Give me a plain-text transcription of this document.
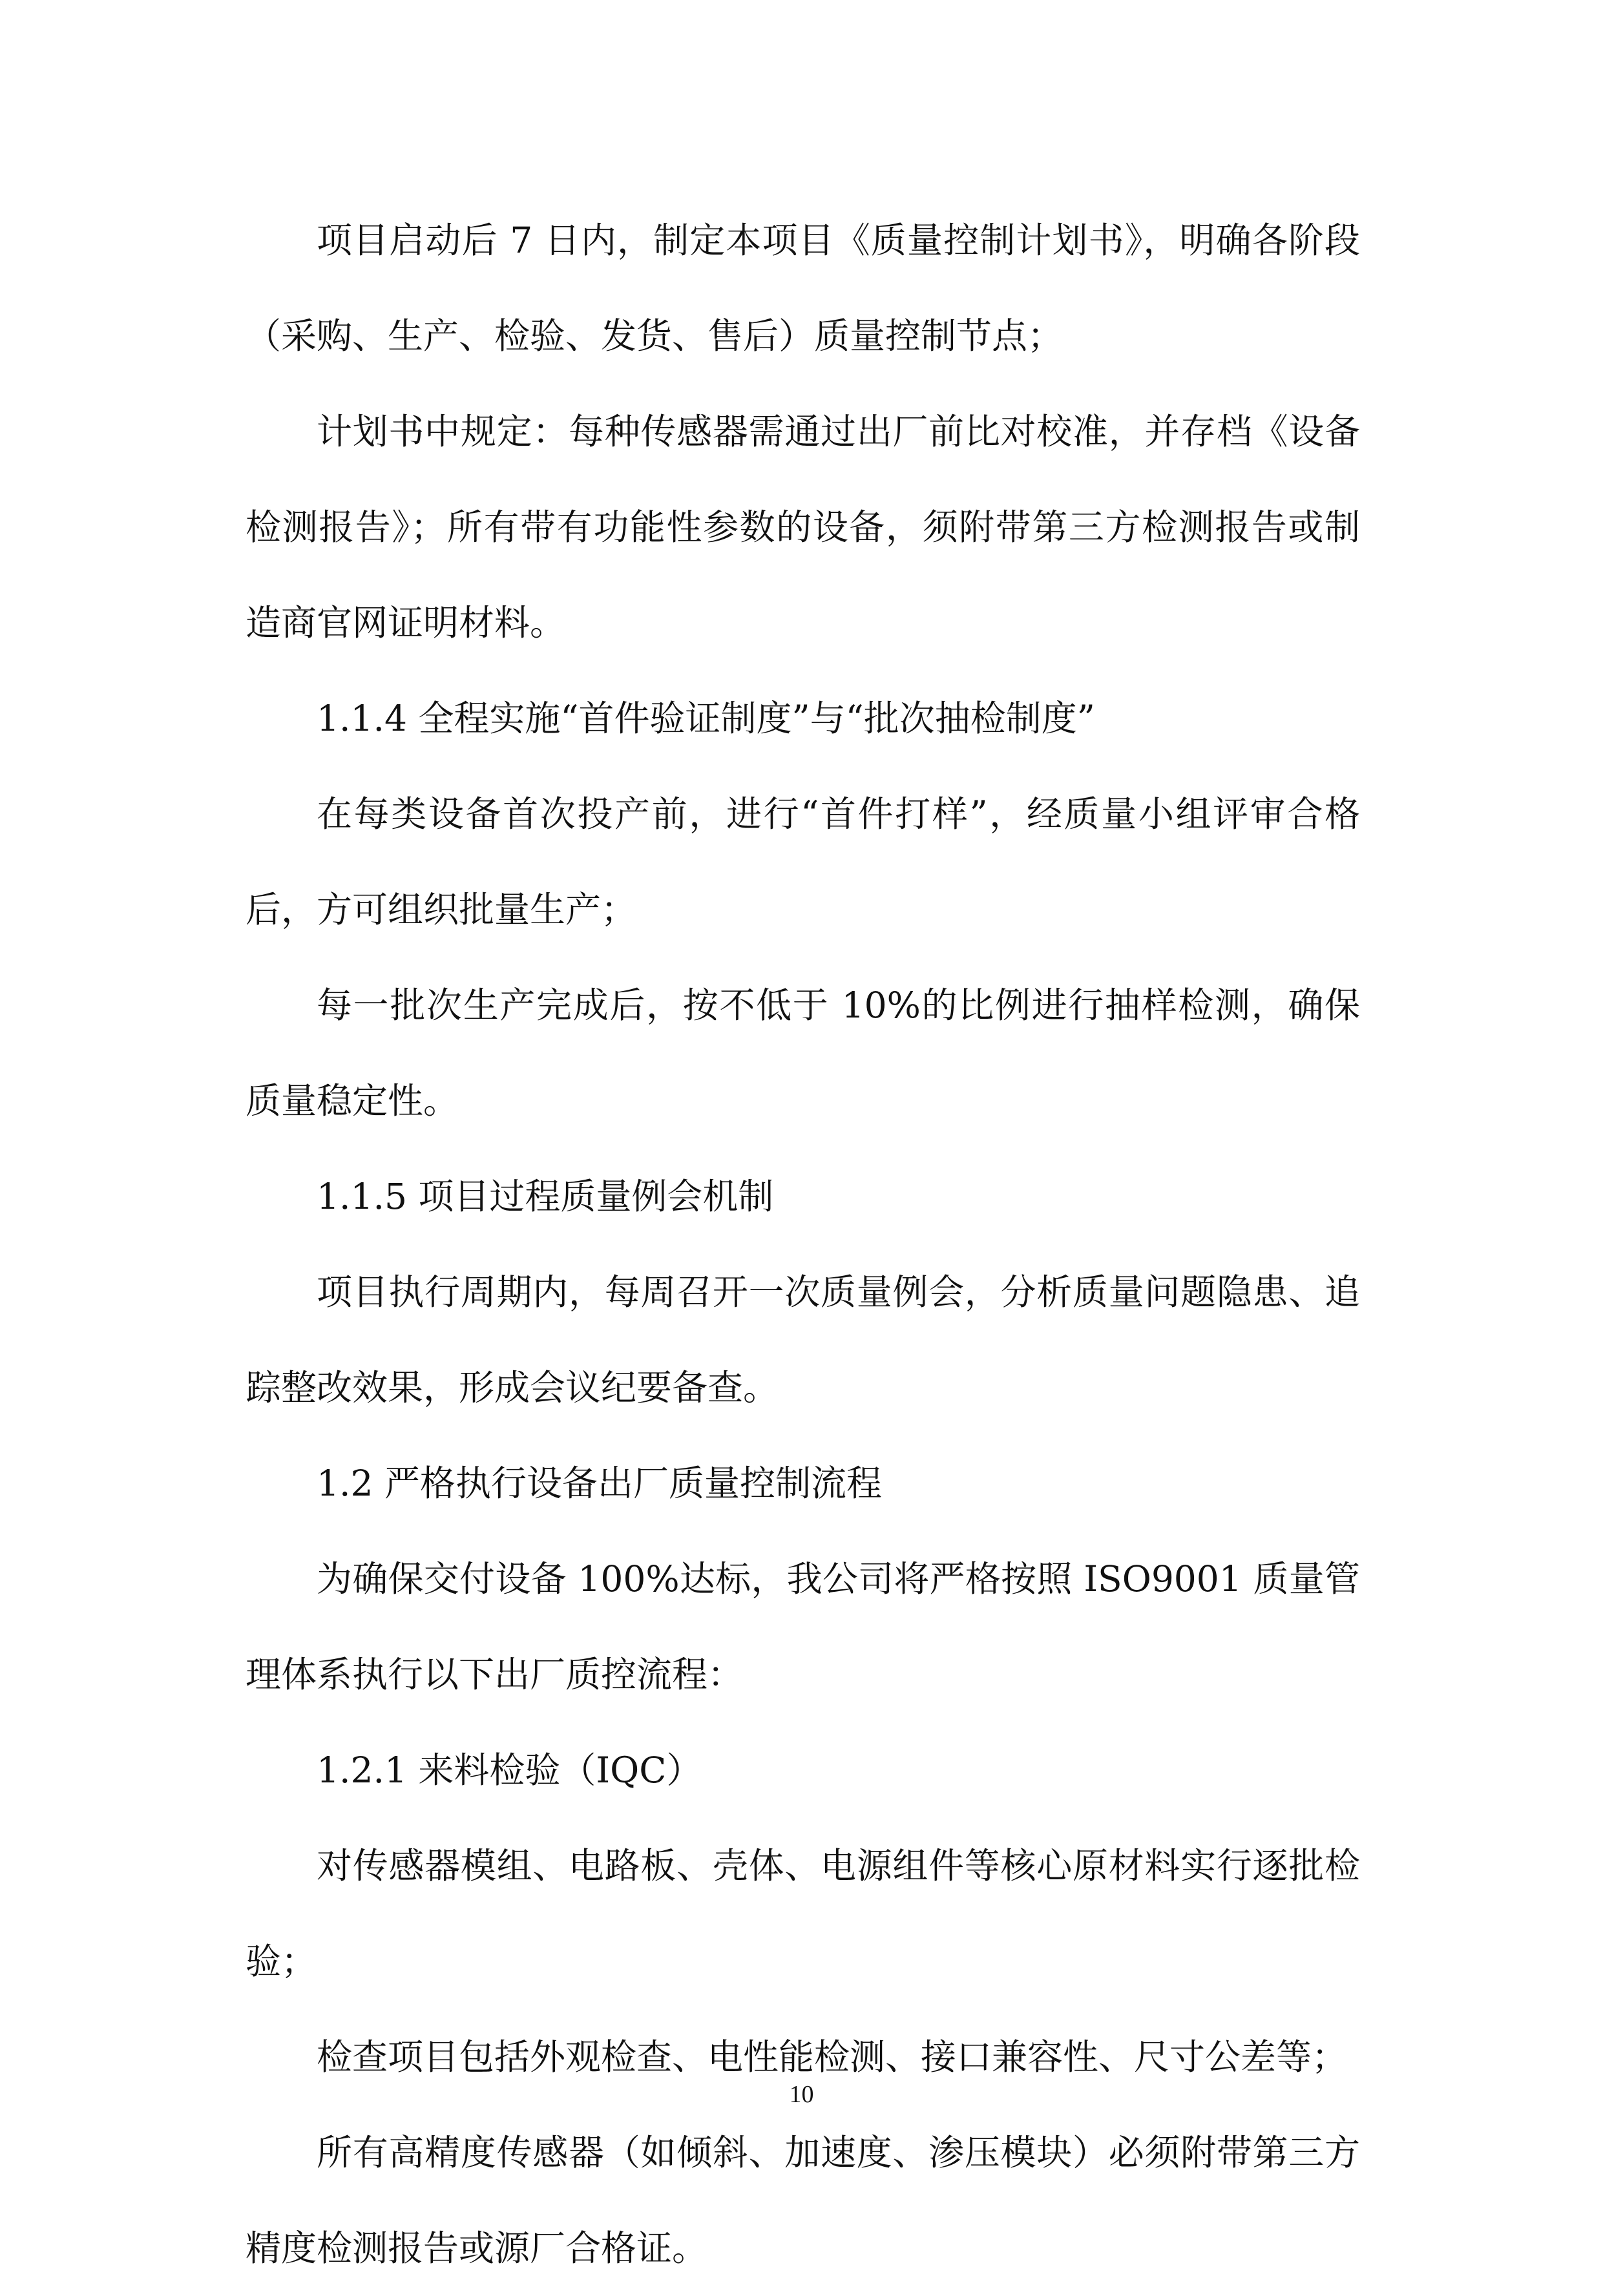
项目启动后 7 日内，制定本项目《质量控制计划书》，明确各阶段（采购、生产、检验、发货、售后）质量控制节点；

计划书中规定：每种传感器需通过出厂前比对校准，并存档《设备检测报告》；所有带有功能性参数的设备，须附带第三方检测报告或制造商官网证明材料。

1.1.4 全程实施“首件验证制度”与“批次抽检制度”

在每类设备首次投产前，进行“首件打样”，经质量小组评审合格后，方可组织批量生产；

每一批次生产完成后，按不低于 10%的比例进行抽样检测，确保质量稳定性。

1.1.5 项目过程质量例会机制

项目执行周期内，每周召开一次质量例会，分析质量问题隐患、追踪整改效果，形成会议纪要备查。

1.2 严格执行设备出厂质量控制流程

为确保交付设备 100%达标，我公司将严格按照 ISO9001 质量管理体系执行以下出厂质控流程：

1.2.1 来料检验（IQC）

对传感器模组、电路板、壳体、电源组件等核心原材料实行逐批检验；

检查项目包括外观检查、电性能检测、接口兼容性、尺寸公差等；

所有高精度传感器（如倾斜、加速度、渗压模块）必须附带第三方精度检测报告或源厂合格证。

10
